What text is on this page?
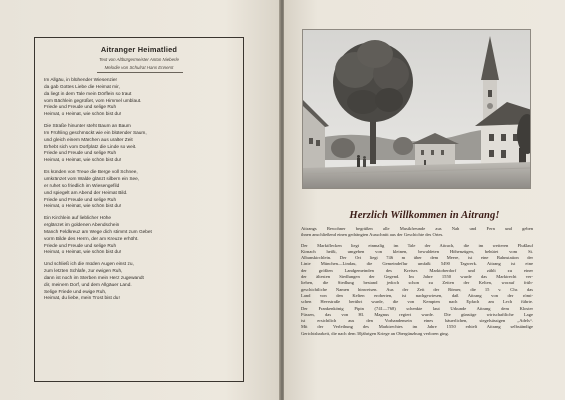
Aitranger Heimatlied
Text von Altbürgermeister Anton Nieberle
Melodie von Schulrat Hans Ennerst
Im Allgäu, in blühender Wiesenzier
da gab Gottes Liebe die Heimat mir,
da liegt in dem Tale mein Dörflein so traut
vom Bächlein gegrüßet, vom Himmel umblaut.
Friede und Freude und selige Ruh
Heimat, o Heimat, wie schön bist du!
Die Straße hinunter steht Baum an Baum
Im Frühling geschmückt wie ein blütender Saum,
und gleich einem Märchen aus uralter Zeit
Erhebt sich vom Dorfplatz die Linde so weit.
Friede und Freude und selige Ruh
Heimat, o Heimat, wie schön bist du!
Es künden von Treue die Berge voll Schnee,
umkränzet vom Walde glänzt silbern ein See,
er ruhet so friedlich im Wiesengefild
und spiegelt am Abend der Heimat Bild.
Friede und Freude und selige Ruh
Heimat, o Heimat, wie schön bist du!
Ein Kirchlein auf lieblicher Höhe
erglänzet im goldenen Abendschein
Manch Feldkreuz am Wege dich stimmt zum Gebet
vorm Bilde des Herrn, der am Kreuze erhöht.
Friede und Freude und selige Ruh
Heimat, o Heimat, wie schön bist du!
Und schließ ich die müden Augen einst zu,
zum letzten Schlafe, zur ewigen Ruh,
dann ist noch im Sterben mein Herz zugewandt
dir, meinem Dorf, und dem Allgäuer Land.
Selige Friede und ewige Ruh,
Heimat, du liebe, mein Trost bist du!
Herzlich Willkommen in Aitrang!

Aitrangs Bewohner begrüßen alle Musikfreunde aus Nah und Fern und geben
ihnen anschließend einen gedrängten Ausschnitt aus der Geschichte des Ortes.

Der Marktflecken liegt einmalig im Tale der Aitrach, die im weiteren Flußlauf
Kirnach heißt, umgeben von kleinen, bewaldeten Höhenzügen, behütet vom St.
Albanskirchlein. Der Ort liegt 746 m über dem Meere, ist eine Bahnstation der
Linie München—Lindau, die Gemeindeflur umfaßt 5490 Tagwerk. Aitrang ist eine
der größten Landgemeinden des Kreises Marktoberdorf und zählt zu einer
der ältesten Siedlungen der Gegend. Im Jahre 1550 wurde das Marktrecht ver-
liehen, die Siedlung bestand jedoch schon zu Zeiten der Kelten, worauf früh-
geschichtliche Namen hinweisen. Aus der Zeit der Römer, die 15 v. Chr. das
Land von den Kelten eroberten, ist nachgewiesen, daß Aitrang von der römi-
schen Heerstraße berührt wurde, die von Kempten nach Epfach am Lech führte.
Der Frankenkönig Pipin (741—768) schenkte laut Urkunde Aitrang dem Kloster
Füssen, das von Hl. Magnus regiert wurde. Die günstige wirtschaftliche Lage
ist ersichtlich aus den Vorhandensein eines bäuerlichen, siegelsässigen „Adels“.
Mit der Verleihung des Marktrechtes im Jahre 1550 erhielt Aitrang selbständige
Gerichtsbarkeit, die nach dem 30jährigen Kriege an Obergünzburg verloren ging.
